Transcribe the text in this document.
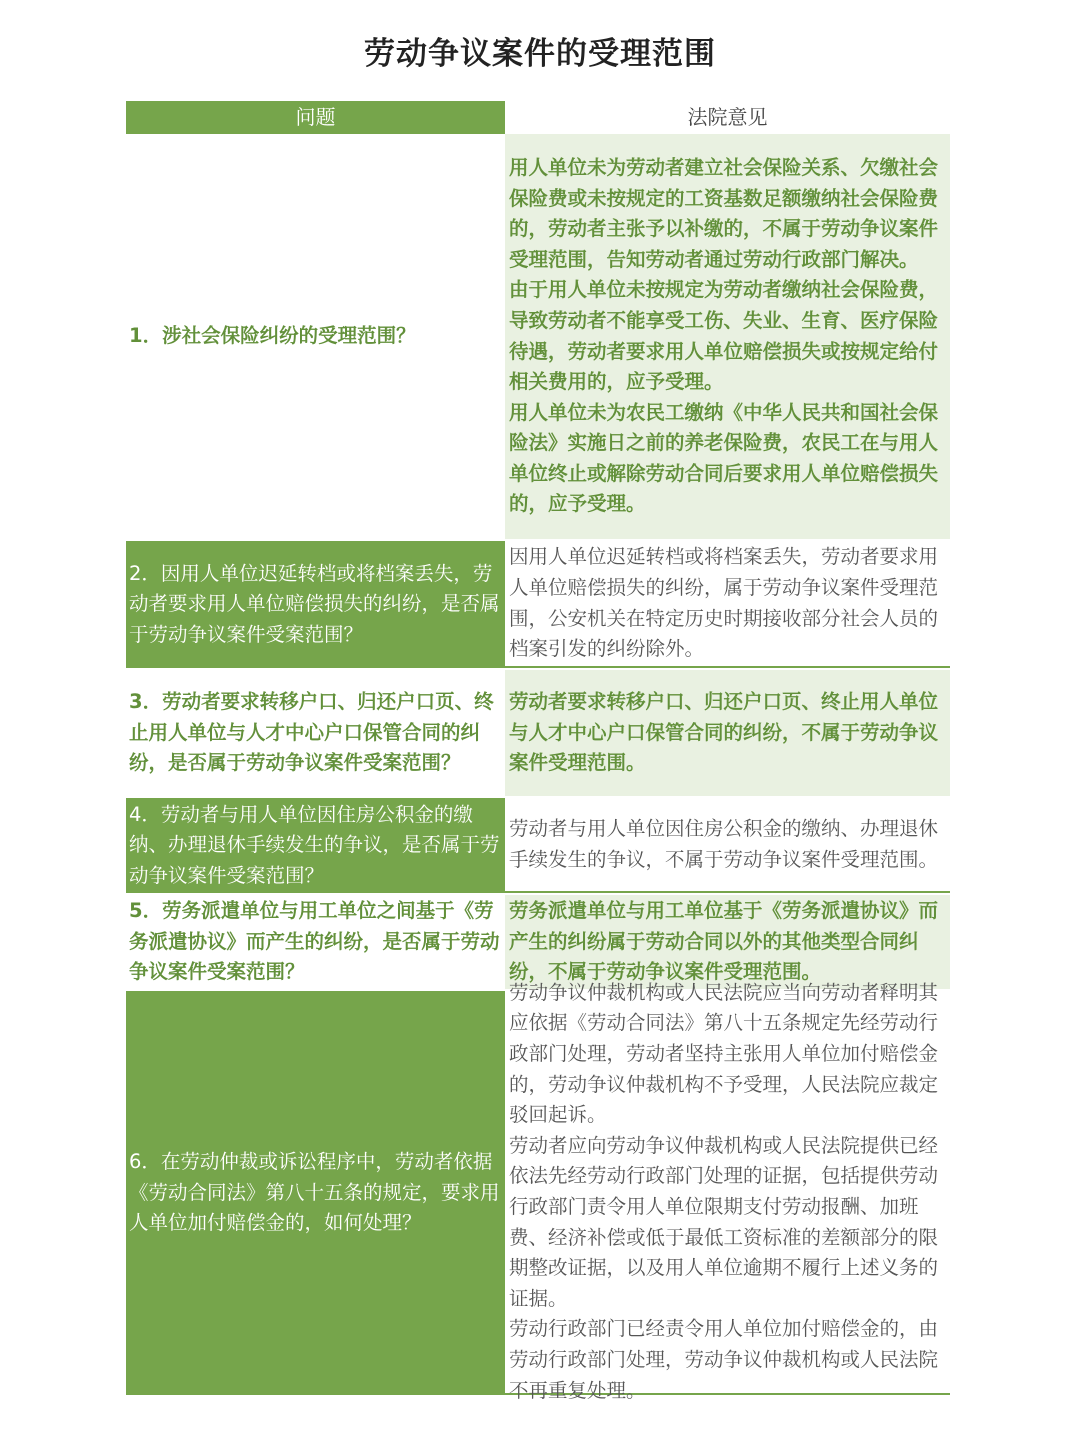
劳动争议案件的受理范围
问题	法院意见
1．涉社会保险纠纷的受理范围？

用人单位未为劳动者建立社会保险关系、欠缴社会保险费或未按规定的工资基数足额缴纳社会保险费的，劳动者主张予以补缴的，不属于劳动争议案件受理范围，告知劳动者通过劳动行政部门解决。

由于用人单位未按规定为劳动者缴纳社会保险费，导致劳动者不能享受工伤、失业、生育、医疗保险待遇，劳动者要求用人单位赔偿损失或按规定给付相关费用的，应予受理。

用人单位未为农民工缴纳《中华人民共和国社会保险法》实施日之前的养老保险费，农民工在与用人单位终止或解除劳动合同后要求用人单位赔偿损失的，应予受理。

2．因用人单位迟延转档或将档案丢失，劳动者要求用人单位赔偿损失的纠纷，是否属于劳动争议案件受案范围？

因用人单位迟延转档或将档案丢失，劳动者要求用人单位赔偿损失的纠纷，属于劳动争议案件受理范围，公安机关在特定历史时期接收部分社会人员的档案引发的纠纷除外。

3．劳动者要求转移户口、归还户口页、终止用人单位与人才中心户口保管合同的纠纷，是否属于劳动争议案件受案范围？

劳动者要求转移户口、归还户口页、终止用人单位与人才中心户口保管合同的纠纷，不属于劳动争议案件受理范围。

4．劳动者与用人单位因住房公积金的缴纳、办理退休手续发生的争议，是否属于劳动争议案件受案范围？

劳动者与用人单位因住房公积金的缴纳、办理退休手续发生的争议，不属于劳动争议案件受理范围。

5．劳务派遣单位与用工单位之间基于《劳务派遣协议》而产生的纠纷，是否属于劳动争议案件受案范围？

劳务派遣单位与用工单位基于《劳务派遣协议》而产生的纠纷属于劳动合同以外的其他类型合同纠纷，不属于劳动争议案件受理范围。

6．在劳动仲裁或诉讼程序中，劳动者依据《劳动合同法》第八十五条的规定，要求用人单位加付赔偿金的，如何处理？

劳动争议仲裁机构或人民法院应当向劳动者释明其应依据《劳动合同法》第八十五条规定先经劳动行政部门处理，劳动者坚持主张用人单位加付赔偿金的，劳动争议仲裁机构不予受理，人民法院应裁定驳回起诉。

劳动者应向劳动争议仲裁机构或人民法院提供已经依法先经劳动行政部门处理的证据，包括提供劳动行政部门责令用人单位限期支付劳动报酬、加班费、经济补偿或低于最低工资标准的差额部分的限期整改证据，以及用人单位逾期不履行上述义务的证据。

劳动行政部门已经责令用人单位加付赔偿金的，由劳动行政部门处理，劳动争议仲裁机构或人民法院不再重复处理。
